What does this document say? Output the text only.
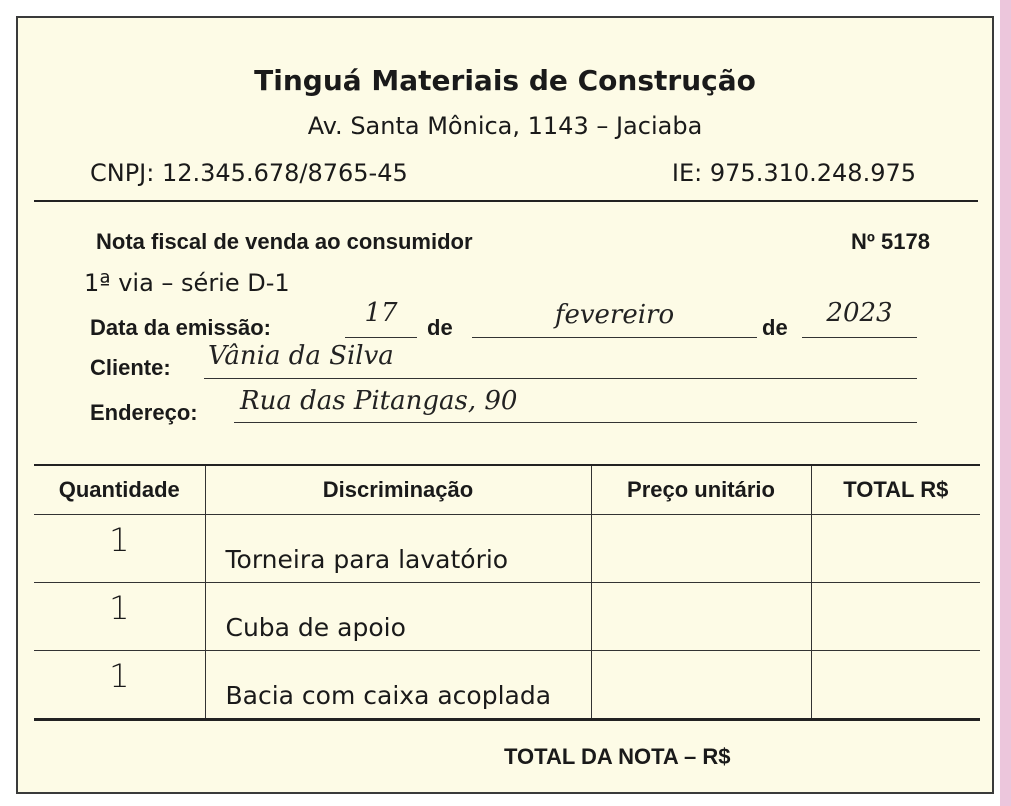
Tinguá Materiais de Construção
Av. Santa Mônica, 1143 – Jaciaba
CNPJ: 12.345.678/8765-45	IE: 975.310.248.975
Nota fiscal de venda ao consumidor	Nº 5178
1ª via – série D-1
Data da emissão:	17	de	fevereiro	de	2023
Cliente: Vânia da Silva
Endereço: Rua das Pitangas, 90
Quantidade	Discriminação	Preço unitário	TOTAL R$

1	Torneira para lavatório		

1	Cuba de apoio		

1	Bacia com caixa acoplada		

TOTAL DA NOTA – R$
